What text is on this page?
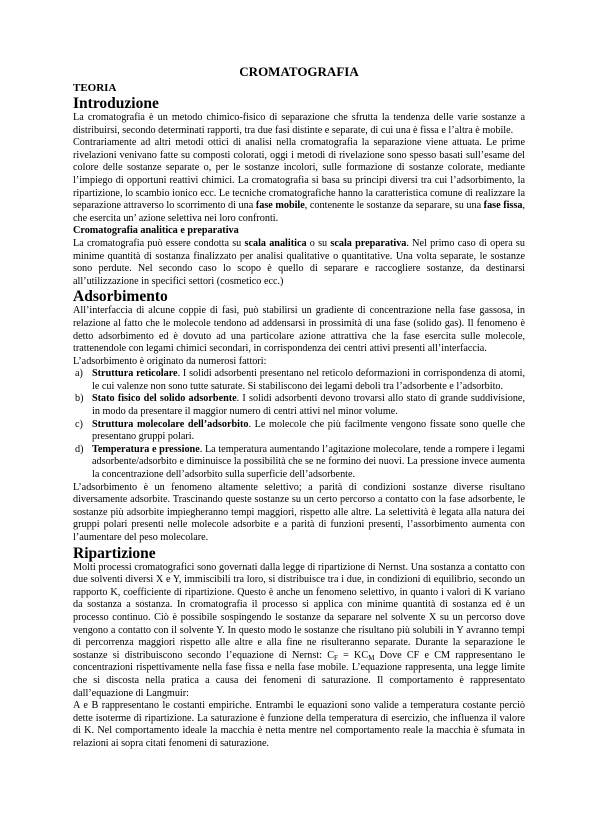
CROMATOGRAFIA
TEORIA
Introduzione

La cromatografia è un metodo chimico-fisico di separazione che sfrutta la tendenza delle varie sostanze a distribuirsi, secondo determinati rapporti, tra due fasi distinte e separate, di cui una è fissa e l’altra è mobile.

Contrariamente ad altri metodi ottici di analisi nella cromatografia la separazione viene attuata. Le prime rivelazioni venivano fatte su composti colorati, oggi i metodi di rivelazione sono spesso basati sull’esame del colore delle sostanze separate o, per le sostanze incolori, sulle formazione di sostanze colorate, mediante l’impiego di opportuni reattivi chimici. La cromatografia si basa su principi diversi tra cui l’adsorbimento, la ripartizione, lo scambio ionico ecc. Le tecniche cromatografiche hanno la caratteristica comune di realizzare la separazione attraverso lo scorrimento di una fase mobile, contenente le sostanze da separare, su una fase fissa, che esercita un’ azione selettiva nei loro confronti.

Cromatografia analitica e preparativa

La cromatografia può essere condotta su scala analitica o su scala preparativa. Nel primo caso di opera su minime quantità di sostanza finalizzato per analisi qualitative o quantitative. Una volta separate, le sostanze sono perdute. Nel secondo caso lo scopo è quello di separare e raccogliere sostanze, da destinarsi all’utilizzazione in specifici settori (cosmetico ecc.)

Adsorbimento

All’interfaccia di alcune coppie di fasi, può stabilirsi un gradiente di concentrazione nella fase gassosa, in relazione al fatto che le molecole tendono ad addensarsi in prossimità di una fase (solido gas). Il fenomeno è detto adsorbimento ed è dovuto ad una particolare azione attrattiva che la fase esercita sulle molecole, trattenendole con legami chimici secondari, in corrispondenza dei centri attivi presenti all’interfaccia.

L’adsorbimento è originato da numerosi fattori:

a) Struttura reticolare. I solidi adsorbenti presentano nel reticolo deformazioni in corrispondenza di atomi, le cui valenze non sono tutte saturate. Si stabiliscono dei legami deboli tra l’adsorbente e l’adsorbito.
b) Stato fisico del solido adsorbente. I solidi adsorbenti devono trovarsi allo stato di grande suddivisione, in modo da presentare il maggior numero di centri attivi nel minor volume.
c) Struttura molecolare dell’adsorbito. Le molecole che più facilmente vengono fissate sono quelle che presentano gruppi polari.
d) Temperatura e pressione. La temperatura aumentando l’agitazione molecolare, tende a rompere i legami adsorbente/adsorbito e diminuisce la possibilità che se ne formino dei nuovi. La pressione invece aumenta la concentrazione dell’adsorbito sulla superficie dell’adsorbente.

L’adsorbimento è un fenomeno altamente selettivo; a parità di condizioni sostanze diverse risultano diversamente adsorbite. Trascinando queste sostanze su un certo percorso a contatto con la fase adsorbente, le sostanze più adsorbite impiegheranno tempi maggiori, rispetto alle altre. La selettività è legata alla natura dei gruppi polari presenti nelle molecole adsorbite e a parità di funzioni presenti, l’assorbimento aumenta con l’aumentare del peso molecolare.

Ripartizione

Molti processi cromatografici sono governati dalla legge di ripartizione di Nernst. Una sostanza a contatto con due solventi diversi X e Y, immiscibili tra loro, si distribuisce tra i due, in condizioni di equilibrio, secondo un rapporto K, coefficiente di ripartizione. Questo è anche un fenomeno selettivo, in quanto i valori di K variano da sostanza a sostanza. In cromatografia il processo si applica con minime quantità di sostanza ed è un processo continuo. Ciò è possibile sospingendo le sostanze da separare nel solvente X su un percorso dove vengono a contatto con il solvente Y. In questo modo le sostanze che risultano più solubili in Y avranno tempi di percorrenza maggiori rispetto alle altre e alla fine ne risulteranno separate. Durante la separazione le sostanze si distribuiscono secondo l’equazione di Nernst: $C_F = KC_M$ Dove CF e CM rappresentano le concentrazioni rispettivamente nella fase fissa e nella fase mobile. L’equazione rappresenta, una legge limite che si discosta nella pratica a causa dei fenomeni di saturazione. Il comportamento è rappresentato dall’equazione di Langmuir:

A e B rappresentano le costanti empiriche. Entrambi le equazioni sono valide a temperatura costante perciò dette isoterme di ripartizione. La saturazione è funzione della temperatura di esercizio, che influenza il valore di K. Nel comportamento ideale la macchia è netta mentre nel comportamento reale la macchia è sfumata in relazioni ai sopra citati fenomeni di saturazione.
